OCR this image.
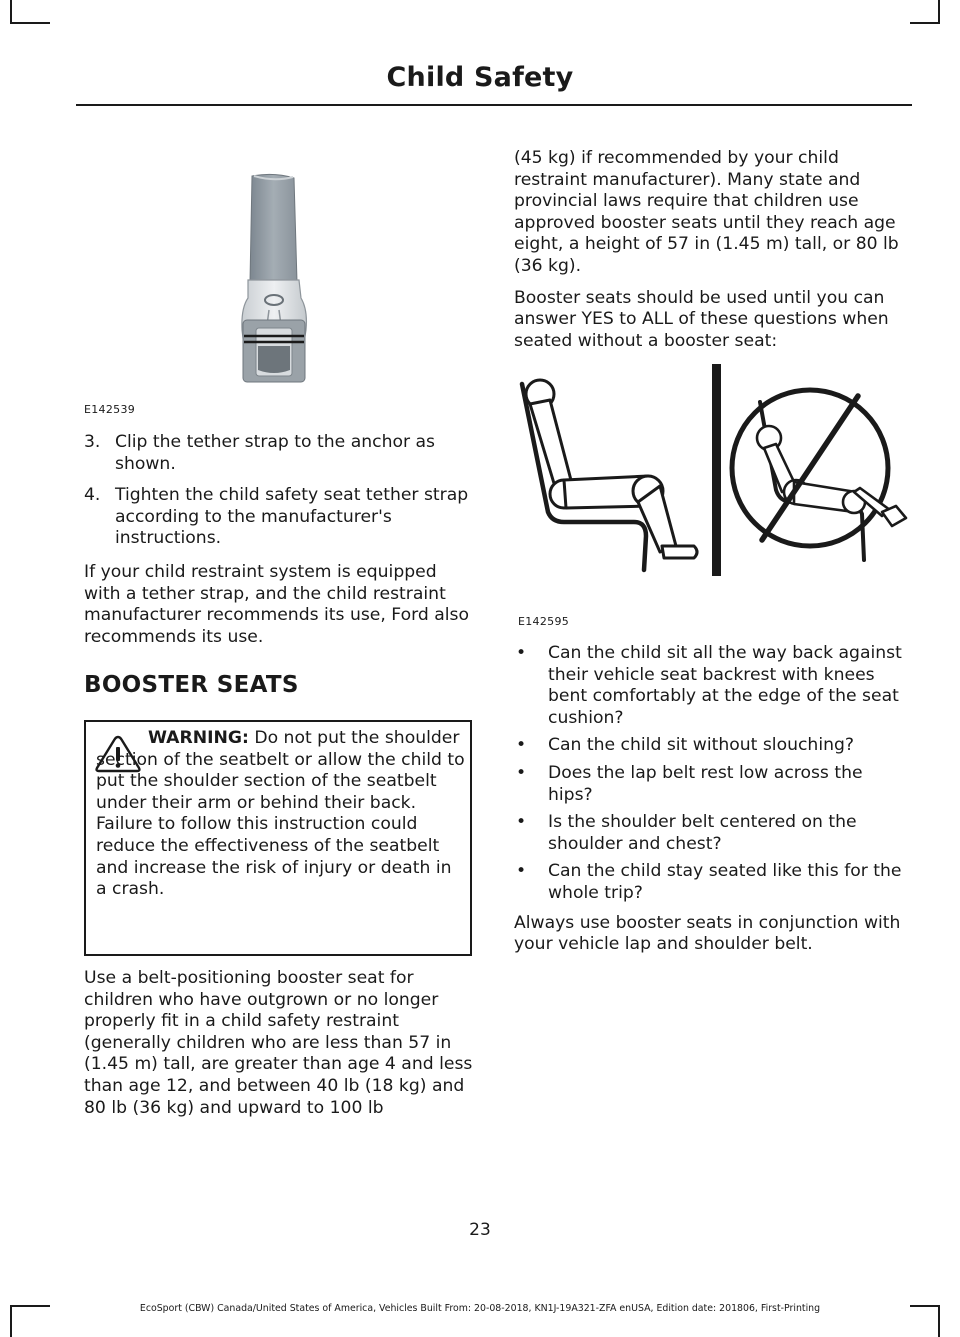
Child Safety
E142539
3. Clip the tether strap to the anchor as shown.
4. Tighten the child safety seat tether strap according to the manufacturer's instructions.

If your child restraint system is equipped with a tether strap, and the child restraint manufacturer recommends its use, Ford also recommends its use.

BOOSTER SEATS
WARNING: Do not put the shoulder section of the seatbelt or allow the child to put the shoulder section of the seatbelt under their arm or behind their back. Failure to follow this instruction could reduce the effectiveness of the seatbelt and increase the risk of injury or death in a crash.

Use a belt-positioning booster seat for children who have outgrown or no longer properly fit in a child safety restraint (generally children who are less than 57 in (1.45 m) tall, are greater than age 4 and less than age 12, and between 40 lb (18 kg) and 80 lb (36 kg) and upward to 100 lb

(45 kg) if recommended by your child restraint manufacturer). Many state and provincial laws require that children use approved booster seats until they reach age eight, a height of 57 in (1.45 m) tall, or 80 lb (36 kg).

Booster seats should be used until you can answer YES to ALL of these questions when seated without a booster seat:

E142595
• Can the child sit all the way back against their vehicle seat backrest with knees bent comfortably at the edge of the seat cushion?
• Can the child sit without slouching?
• Does the lap belt rest low across the hips?
• Is the shoulder belt centered on the shoulder and chest?
• Can the child stay seated like this for the whole trip?

Always use booster seats in conjunction with your vehicle lap and shoulder belt.

23
EcoSport (CBW) Canada/United States of America, Vehicles Built From: 20-08-2018, KN1J-19A321-ZFA enUSA, Edition date: 201806, First-Printing
